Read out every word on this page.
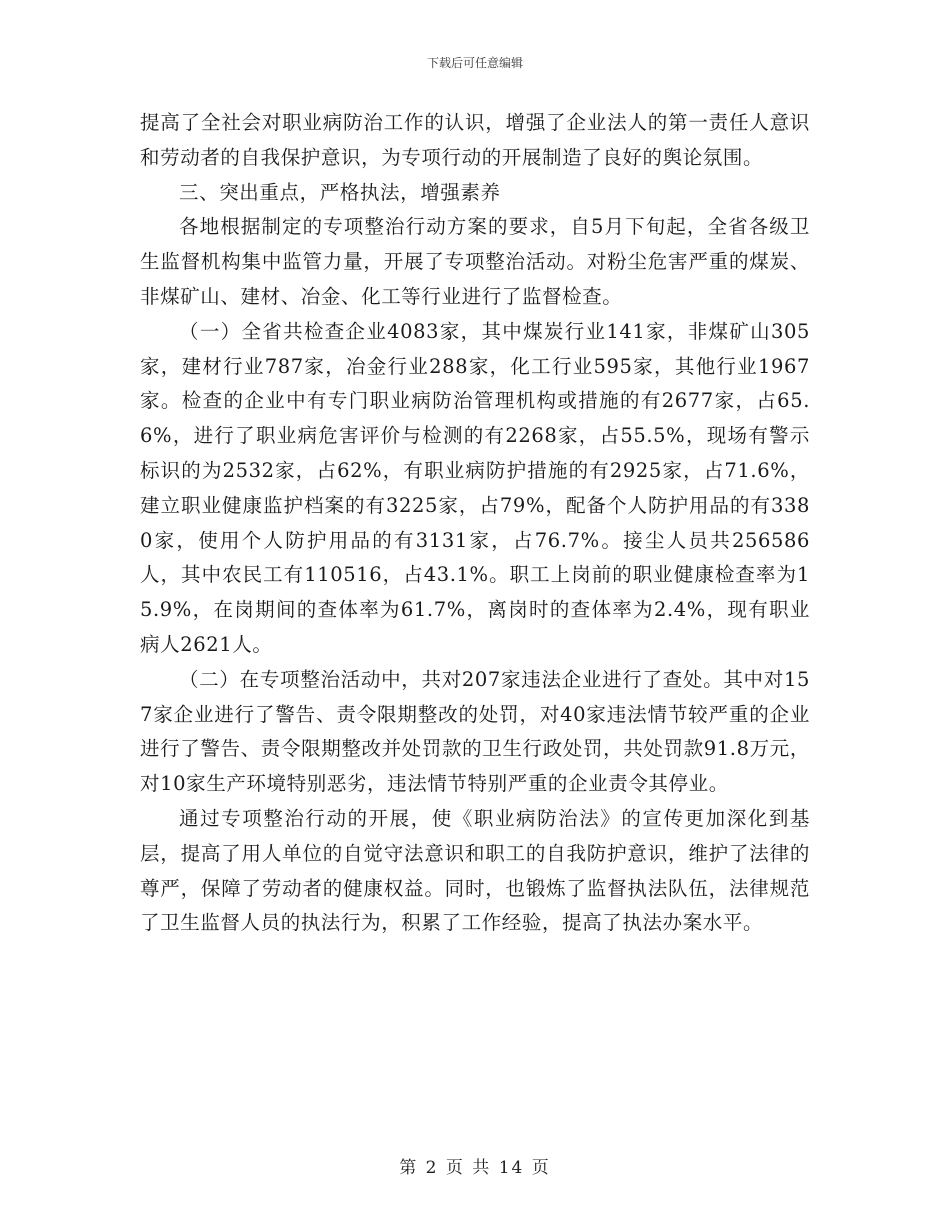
下载后可任意编辑

提高了全社会对职业病防治工作的认识，增强了企业法人的第一责任人意识和劳动者的自我保护意识，为专项行动的开展制造了良好的舆论氛围。

三、突出重点，严格执法，增强素养

各地根据制定的专项整治行动方案的要求，自5月下旬起，全省各级卫生监督机构集中监管力量，开展了专项整治活动。对粉尘危害严重的煤炭、非煤矿山、建材、冶金、化工等行业进行了监督检查。

（一）全省共检查企业4083家，其中煤炭行业141家，非煤矿山305家，建材行业787家，冶金行业288家，化工行业595家，其他行业1967家。检查的企业中有专门职业病防治管理机构或措施的有2677家，占65.6%，进行了职业病危害评价与检测的有2268家，占55.5%，现场有警示标识的为2532家，占62%，有职业病防护措施的有2925家，占71.6%，建立职业健康监护档案的有3225家，占79%，配备个人防护用品的有3380家，使用个人防护用品的有3131家，占76.7%。接尘人员共256586人，其中农民工有110516，占43.1%。职工上岗前的职业健康检查率为15.9%，在岗期间的查体率为61.7%，离岗时的查体率为2.4%，现有职业病人2621人。

（二）在专项整治活动中，共对207家违法企业进行了查处。其中对157家企业进行了警告、责令限期整改的处罚，对40家违法情节较严重的企业进行了警告、责令限期整改并处罚款的卫生行政处罚，共处罚款91.8万元，对10家生产环境特别恶劣，违法情节特别严重的企业责令其停业。

通过专项整治行动的开展，使《职业病防治法》的宣传更加深化到基层，提高了用人单位的自觉守法意识和职工的自我防护意识，维护了法律的尊严，保障了劳动者的健康权益。同时，也锻炼了监督执法队伍，法律规范了卫生监督人员的执法行为，积累了工作经验，提高了执法办案水平。

第 2 页 共 14 页
